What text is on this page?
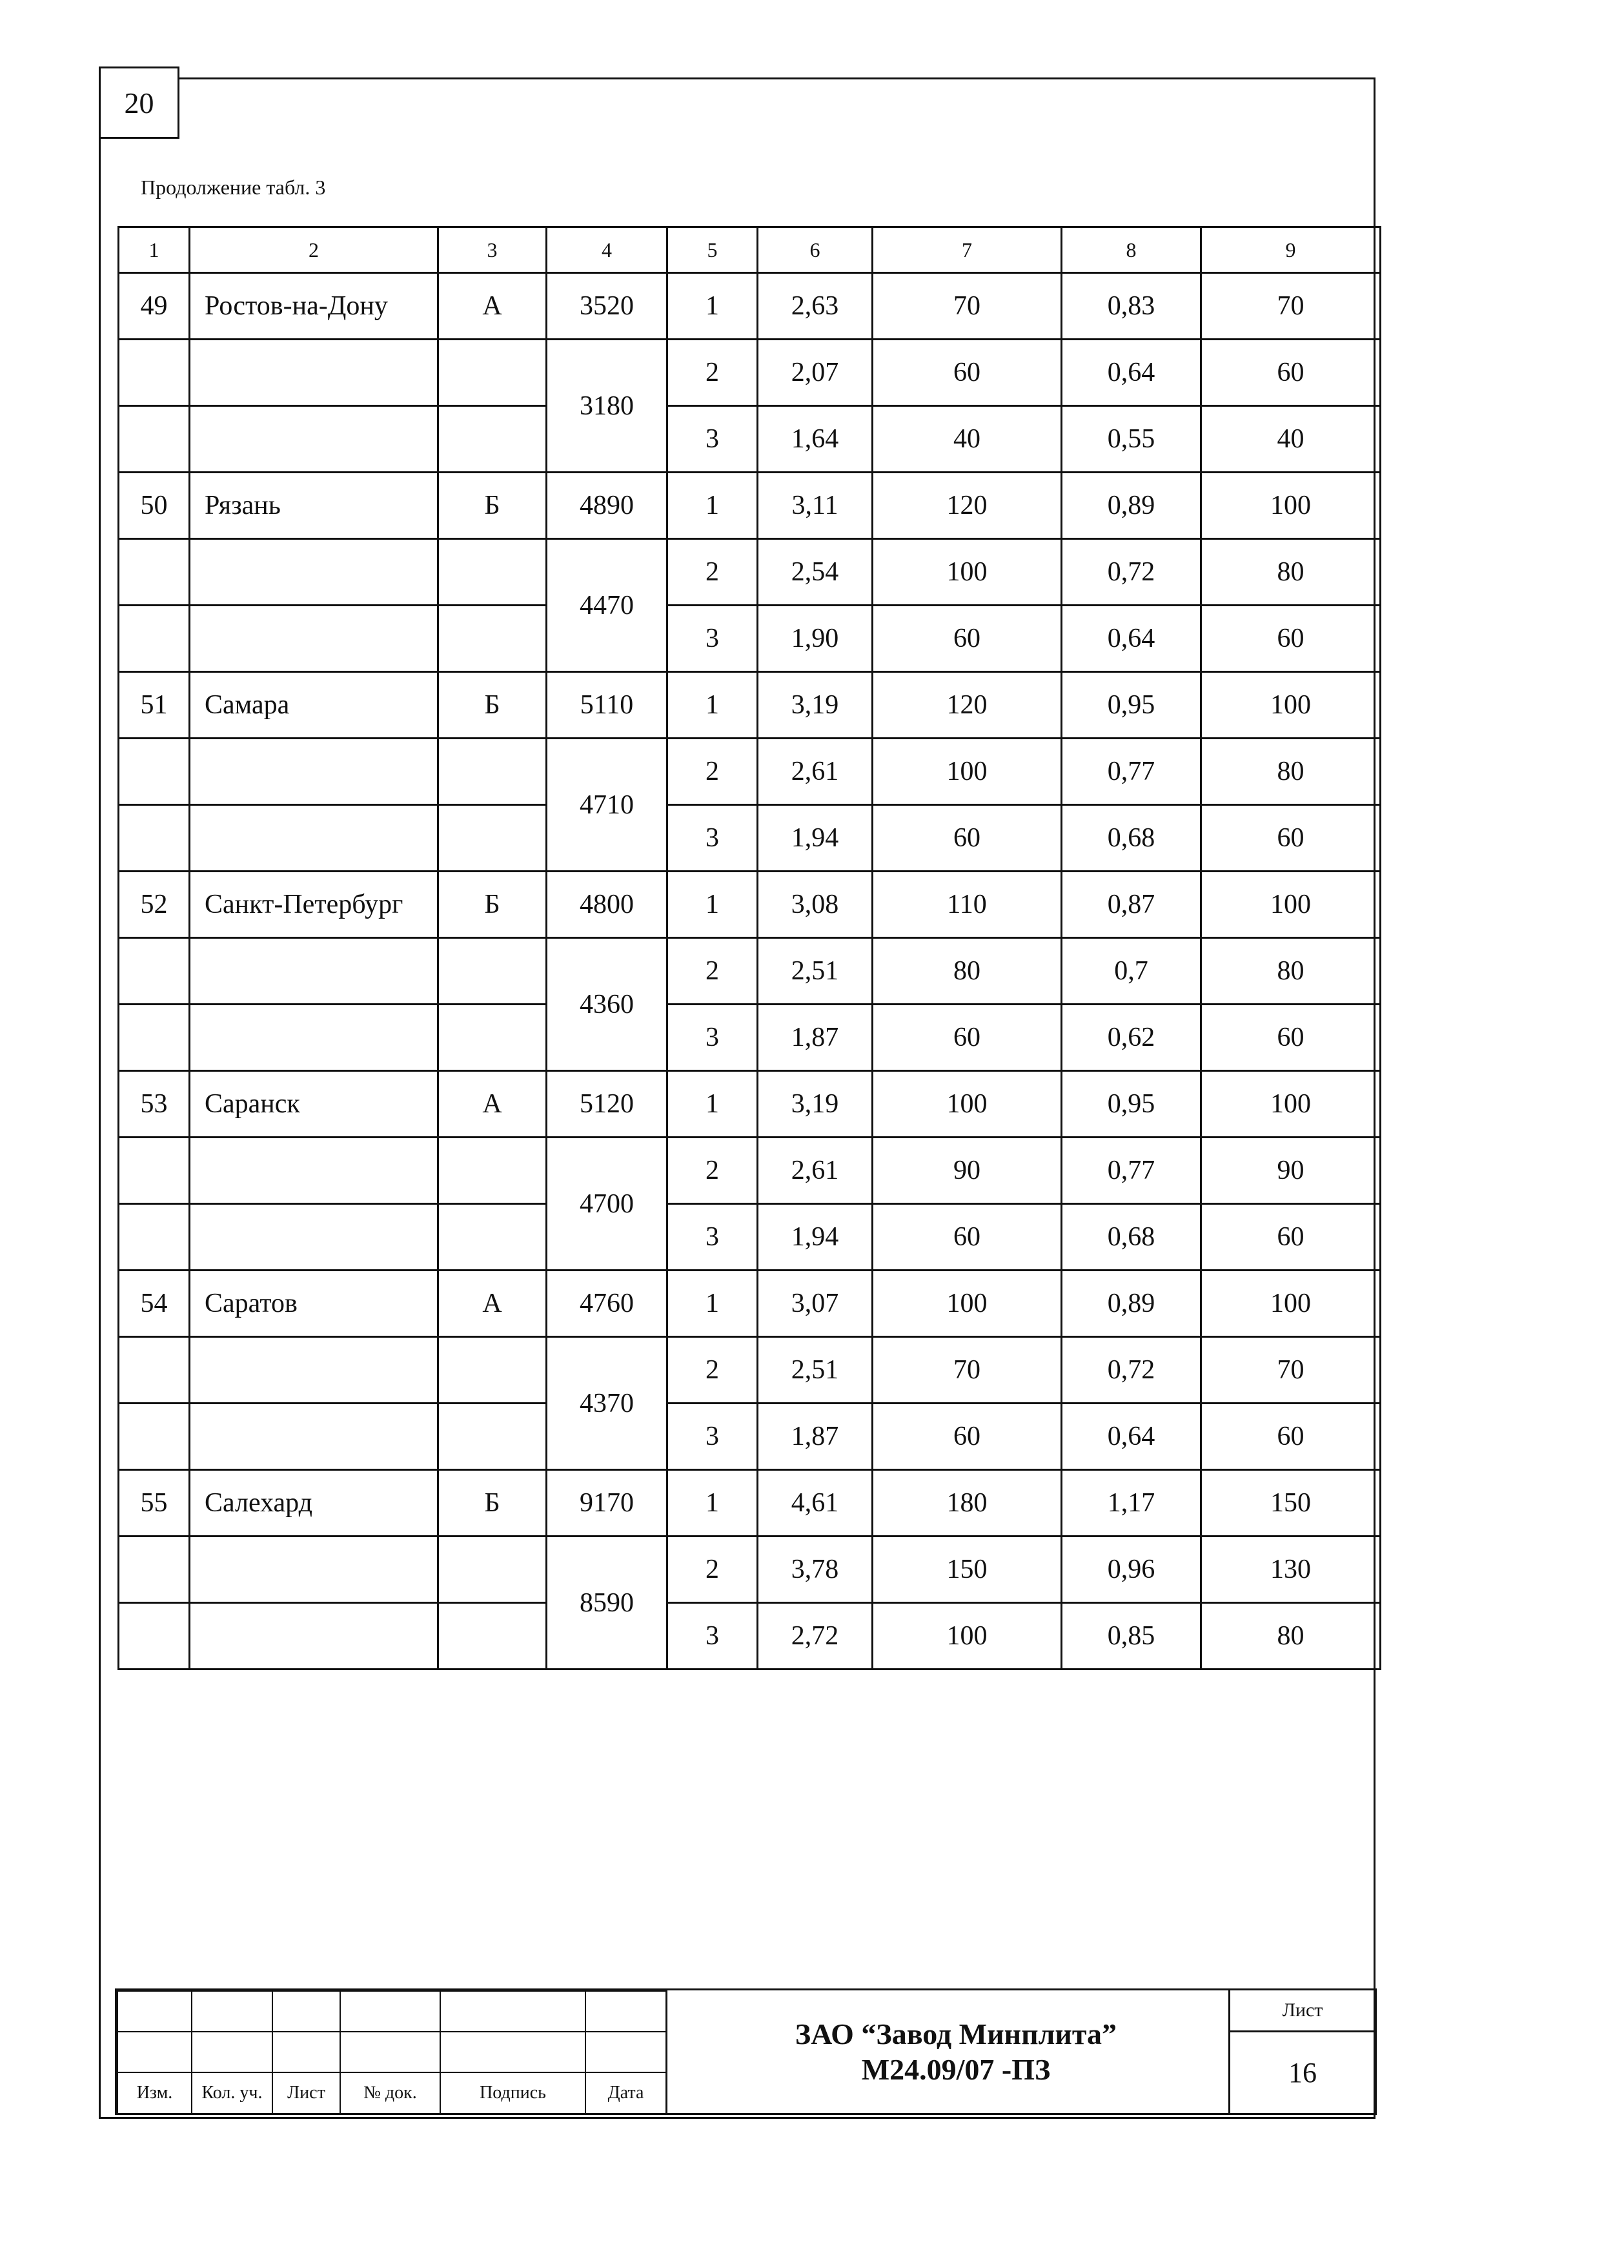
20
Продолжение табл. 3
1	2	3	4	5	6	7	8	9
49	Ростов-на-Дону	А	3520	1	2,63	70	0,83	70
			3180	2	2,07	60	0,64	60
				3	1,64	40	0,55	40
50	Рязань	Б	4890	1	3,11	120	0,89	100
			4470	2	2,54	100	0,72	80
				3	1,90	60	0,64	60
51	Самара	Б	5110	1	3,19	120	0,95	100
			4710	2	2,61	100	0,77	80
				3	1,94	60	0,68	60
52	Санкт-Петербург	Б	4800	1	3,08	110	0,87	100
			4360	2	2,51	80	0,7	80
				3	1,87	60	0,62	60
53	Саранск	А	5120	1	3,19	100	0,95	100
			4700	2	2,61	90	0,77	90
				3	1,94	60	0,68	60
54	Саратов	А	4760	1	3,07	100	0,89	100
			4370	2	2,51	70	0,72	70
				3	1,87	60	0,64	60
55	Салехард	Б	9170	1	4,61	180	1,17	150
			8590	2	3,78	150	0,96	130
				3	2,72	100	0,85	80

Изм.	Кол. уч.	Лист	№ док.	Подпись	Дата
ЗАО “Завод Минплита”
М24.09/07 -ПЗ
Лист
16
